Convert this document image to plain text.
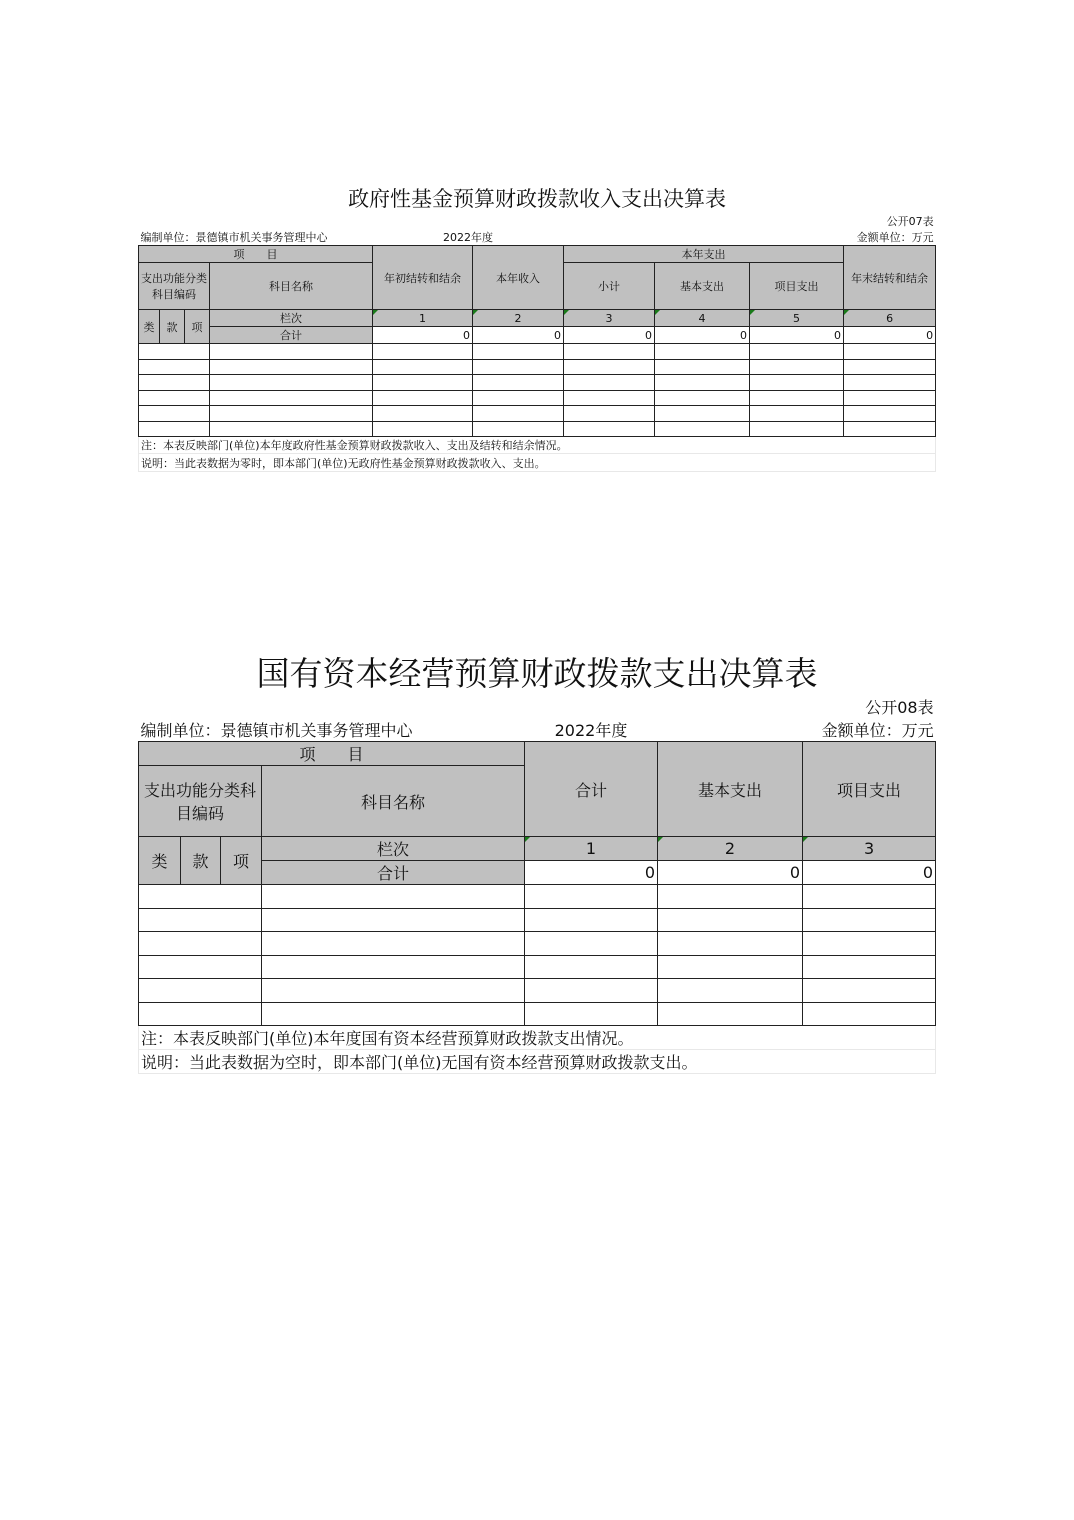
政府性基金预算财政拨款收入支出决算表									
公开07表									
编制单位：景德镇市机关事务管理中心				2022年度				金额单位：万元	
项　　目				年初结转和结余	本年收入	本年支出			年末结转和结余
支出功能分类科目编码			科目名称			小计	基本支出	项目支出	
类	款	项	栏次	1	2	3	4	5	6
			合计	0	0	0	0	0	0

注：本表反映部门(单位)本年度政府性基金预算财政拨款收入、支出及结转和结余情况。									
说明：当此表数据为零时，即本部门(单位)无政府性基金预算财政拨款收入、支出。									
国有资本经营预算财政拨款支出决算表						
公开08表						
编制单位：景德镇市机关事务管理中心				2022年度		金额单位：万元
项　　目				合计	基本支出	项目支出
支出功能分类科目编码			科目名称			
类	款	项	栏次	1	2	3
			合计	0	0	0

注：本表反映部门(单位)本年度国有资本经营预算财政拨款支出情况。						
说明：当此表数据为空时，即本部门(单位)无国有资本经营预算财政拨款支出。						
